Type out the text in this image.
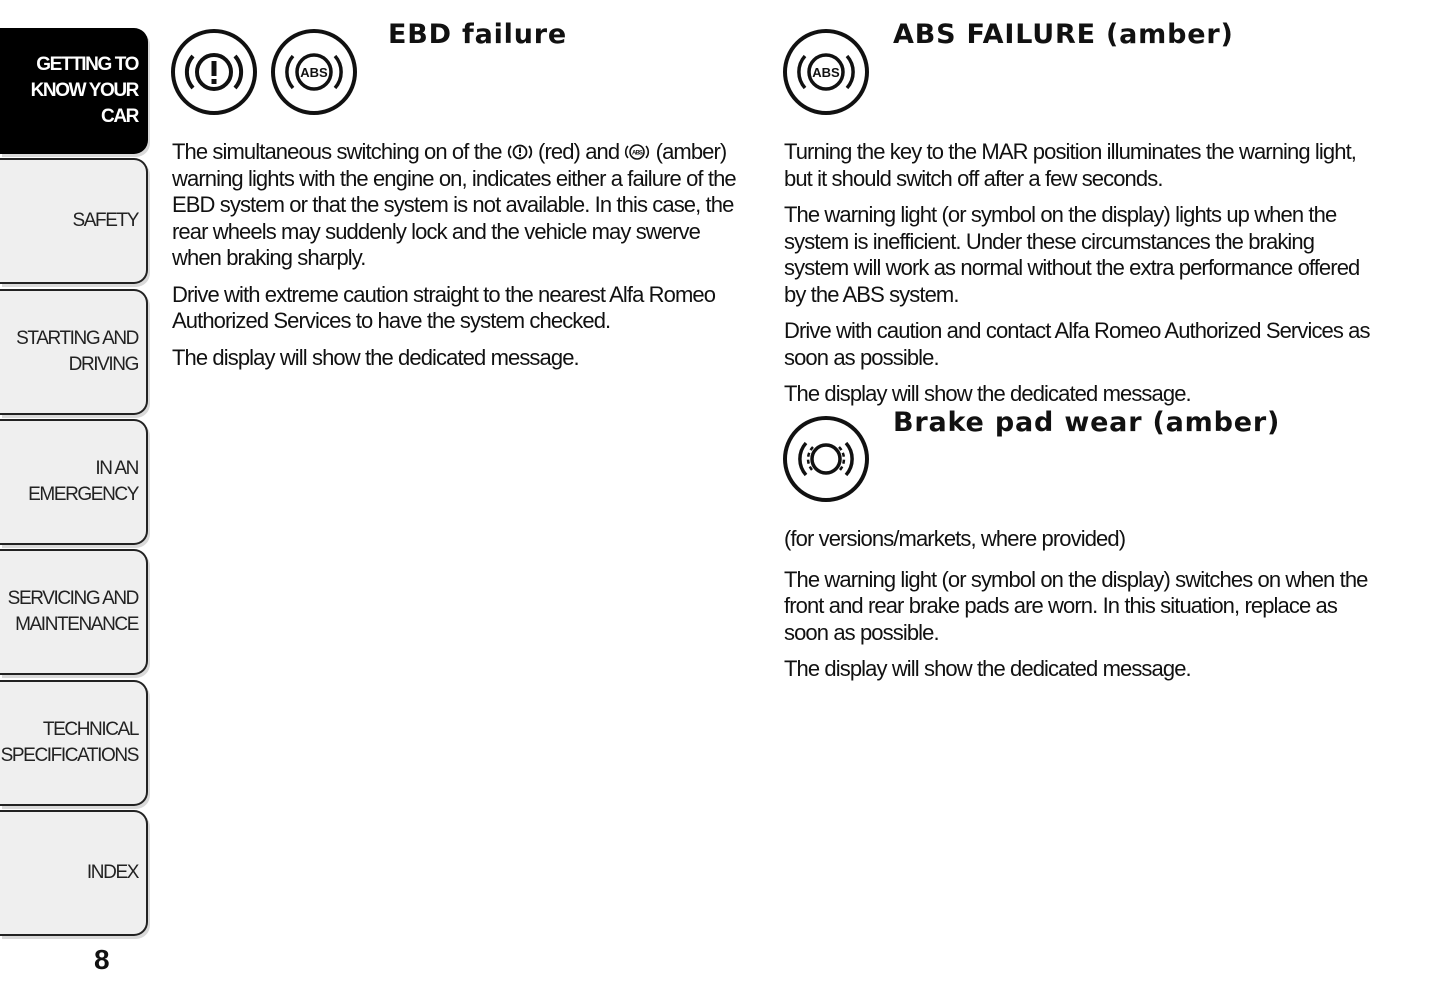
GETTING TO
KNOW YOUR CAR
SAFETY
STARTING AND
DRIVING
IN AN EMERGENCY
SERVICING AND
MAINTENANCE
TECHNICAL
SPECIFICATIONS
INDEX
8
ABS
EBD failure

The simultaneous switching on of the (red) and ABS (amber) warning lights with the engine on, indicates either a failure of the EBD system or that the system is not available. In this case, the rear wheels may suddenly lock and the vehicle may swerve when braking sharply.

Drive with extreme caution straight to the nearest Alfa Romeo Authorized Services to have the system checked.

The display will show the dedicated message.

ABS
ABS FAILURE (amber)

Turning the key to the MAR position illuminates the warning light, but it should switch off after a few seconds.

The warning light (or symbol on the display) lights up when the system is inefficient. Under these circumstances the braking system will work as normal without the extra performance offered by the ABS system.

Drive with caution and contact Alfa Romeo Authorized Services as soon as possible.

The display will show the dedicated message.

Brake pad wear (amber)

(for versions/markets, where provided)

The warning light (or symbol on the display) switches on when the front and rear brake pads are worn. In this situation, replace as soon as possible.

The display will show the dedicated message.
